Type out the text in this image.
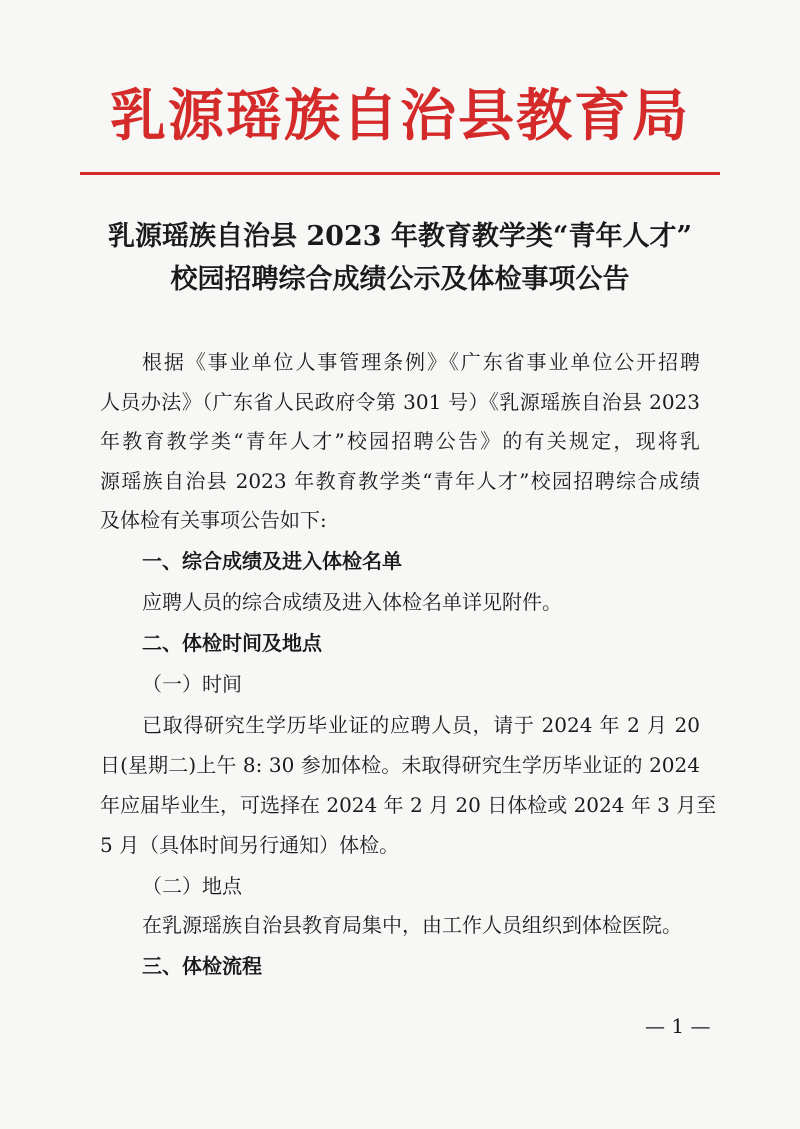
乳源瑶族自治县教育局
乳源瑶族自治县 2023 年教育教学类“青年人才”
校园招聘综合成绩公示及体检事项公告
根据《事业单位人事管理条例》《广东省事业单位公开招聘
人员办法》（广东省人民政府令第 301 号）《乳源瑶族自治县 2023
年教育教学类“青年人才”校园招聘公告》的有关规定，现将乳
源瑶族自治县 2023 年教育教学类“青年人才”校园招聘综合成绩
及体检有关事项公告如下:
一、综合成绩及进入体检名单
应聘人员的综合成绩及进入体检名单详见附件。
二、体检时间及地点
（一）时间
已取得研究生学历毕业证的应聘人员，请于 2024 年 2 月 20
日(星期二)上午 8: 30 参加体检。未取得研究生学历毕业证的 2024
年应届毕业生，可选择在 2024 年 2 月 20 日体检或 2024 年 3 月至
5 月（具体时间另行通知）体检。
（二）地点
在乳源瑶族自治县教育局集中，由工作人员组织到体检医院。
三、体检流程
— 1 —
